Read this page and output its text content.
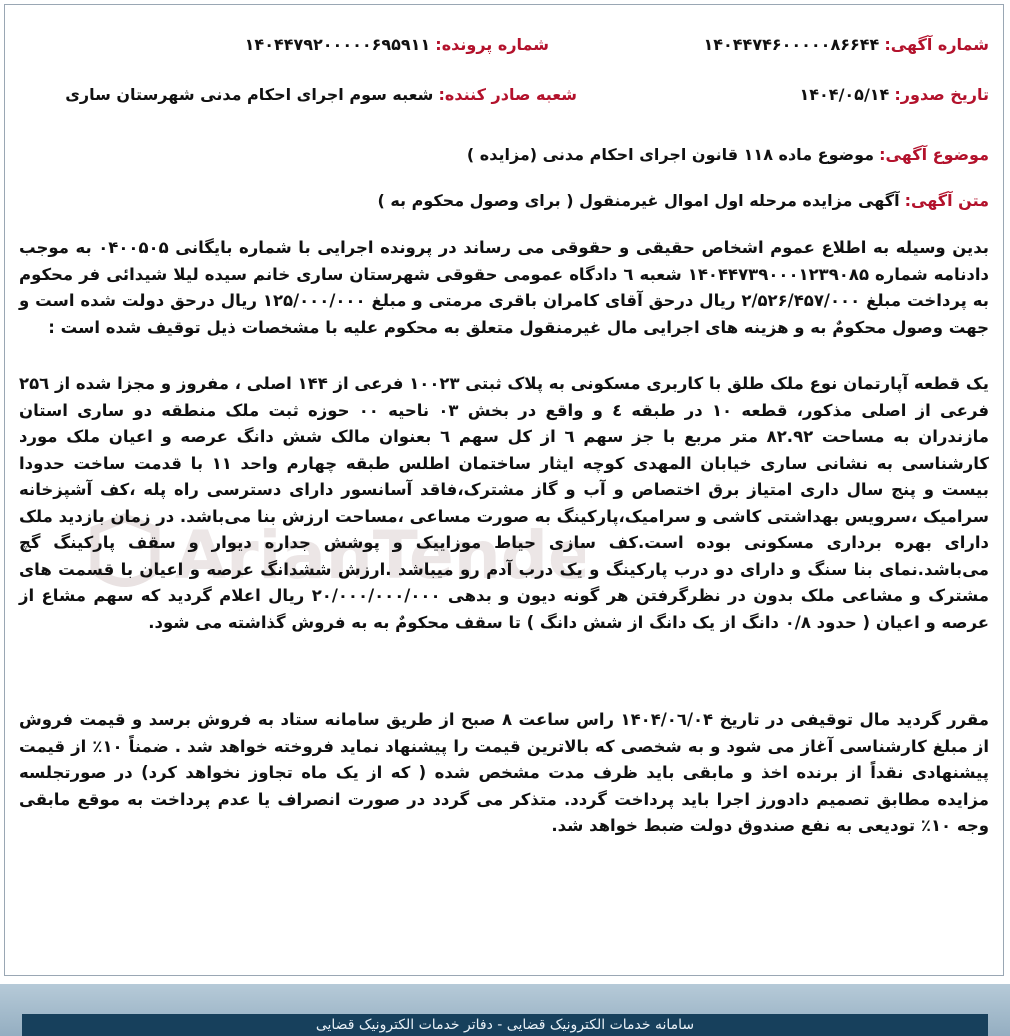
ArianTende
شماره آگهی: ۱۴۰۴۴۷۴۶۰۰۰۰۰۸۶۶۴۴
شماره پرونده: ۱۴۰۴۴۷۹۲۰۰۰۰۰۶۹۵۹۱۱
تاریخ صدور: ۱۴۰۴/۰۵/۱۴
شعبه صادر کننده: شعبه سوم اجرای احکام مدنی شهرستان ساری
موضوع آگهی: موضوع ماده ۱۱۸ قانون اجرای احکام مدنی (مزایده )
متن آگهی: آگهی مزایده مرحله اول اموال غیرمنقول ( برای وصول محکوم به )
بدین وسیله به اطلاع عموم اشخاص حقیقی و حقوقی می رساند در پرونده اجرایی با شماره بایگانی ۰۴۰۰۵۰۵ به موجب دادنامه شماره ۱۴۰۴۴۷۳۹۰۰۰۱۲۳۹۰۸۵ شعبه ٦ دادگاه عمومی حقوقی شهرستان ساری خانم سیده لیلا شیدائی فر محکوم به پرداخت مبلغ ۲/۵۲۶/۴۵۷/۰۰۰ ریال درحق آقای کامران باقری مرمتی و مبلغ ۱۲۵/۰۰۰/۰۰۰ ریال درحق دولت شده است و جهت وصول محکومٌ به و هزینه های اجرایی مال غیرمنقول متعلق به محکوم علیه با مشخصات ذیل توقیف شده است :
یک قطعه آپارتمان نوع ملک طلق با کاربری مسکونی به پلاک ثبتی ۱۰۰۲۳ فرعی از ۱۴۴ اصلی ، مفروز و مجزا شده از ۲۵٦ فرعی از اصلی مذکور، قطعه ۱۰ در طبقه ٤ و واقع در بخش ۰۳ ناحیه ۰۰ حوزه ثبت ملک منطقه دو ساری استان مازندران به مساحت ۸۲.۹۲ متر مربع با جز سهم ٦ از کل سهم ٦ بعنوان مالک شش دانگ عرصه و اعیان ملک مورد کارشناسی به نشانی ساری خیابان المهدی کوچه ایثار ساختمان اطلس طبقه چهارم واحد ۱۱ با قدمت ساخت حدودا بیست و پنج سال داری امتیاز برق اختصاص و آب و گاز مشترک،فاقد آسانسور دارای دسترسی راه پله ،کف آشپزخانه سرامیک ،سرویس بهداشتی کاشی و سرامیک،پارکینگ به صورت مساعی ،مساحت ارزش بنا می‌باشد. در زمان بازدید ملک دارای بهره برداری مسکونی بوده است.کف سازی حیاط موزاییک و پوشش جداره دیوار و سقف پارکینگ گچ می‌باشد.نمای بنا سنگ و دارای دو درب پارکینگ و یک درب آدم رو میباشد .ارزش ششدانگ عرصه و اعیان با قسمت های مشترک و مشاعی ملک بدون در نظرگرفتن هر گونه دیون و بدهی ۲۰/۰۰۰/۰۰۰/۰۰۰ ریال اعلام گردید که سهم مشاع از عرصه و اعیان ( حدود ۰/۸ دانگ از یک دانگ از شش دانگ ) تا سقف محکومٌ به به فروش گذاشته می شود.
مقرر گردید مال توقیفی در تاریخ ۱۴۰۴/۰٦/۰۴ راس ساعت ۸ صبح از طریق سامانه ستاد به فروش برسد و قیمت فروش از مبلغ کارشناسی آغاز می شود و به شخصی که بالاترین قیمت را پیشنهاد نماید فروخته خواهد شد . ضمناً ۱۰٪ از قیمت پیشنهادی نقداً از برنده اخذ و مابقی باید ظرف مدت مشخص شده ( که از یک ماه تجاوز نخواهد کرد) در صورتجلسه مزایده مطابق تصمیم دادورز اجرا باید پرداخت گردد. متذکر می گردد در صورت انصراف یا عدم پرداخت به موقع مابقی وجه ۱۰٪ تودیعی به نفع صندوق دولت ضبط خواهد شد.
سامانه خدمات الکترونیک قضایی - دفاتر خدمات الکترونیک قضایی
